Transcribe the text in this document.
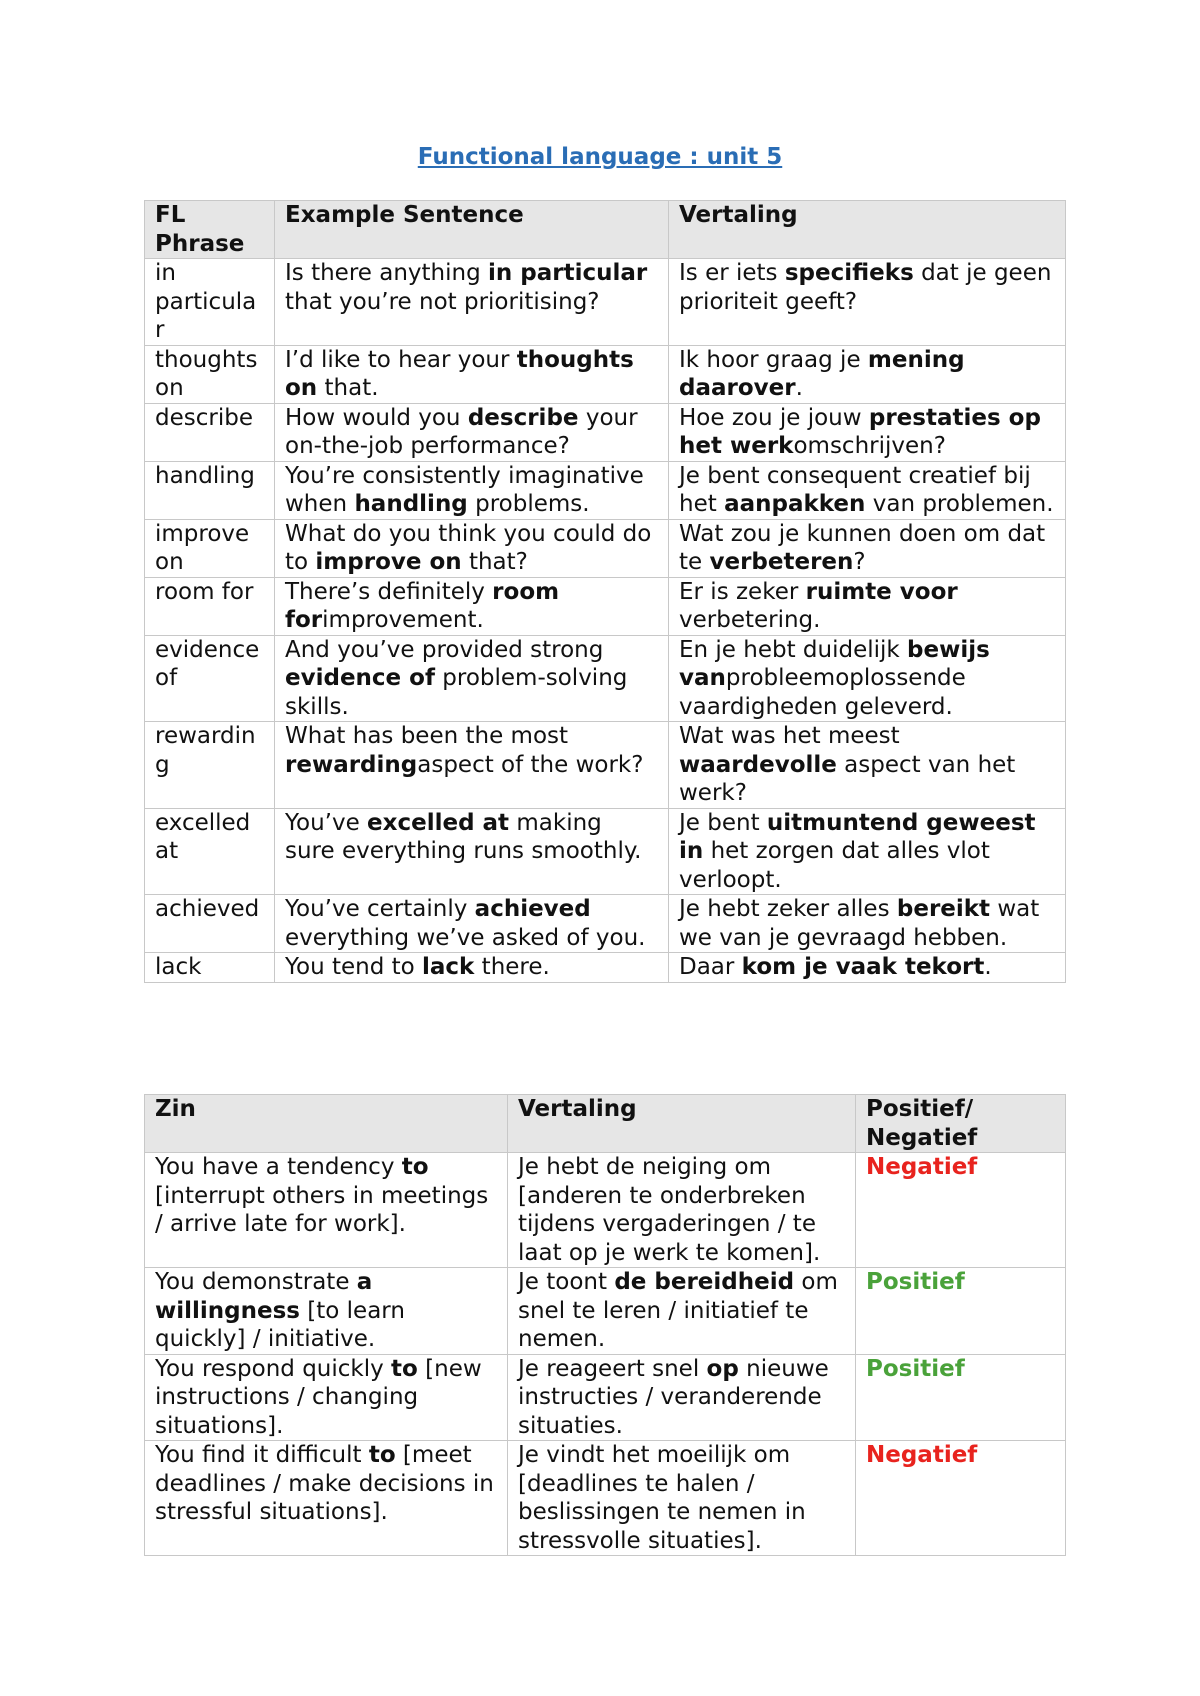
Functional language : unit 5
FL Phrase	Example Sentence	Vertaling
in particular	Is there anything in particular that you’re not prioritising?	Is er iets specifieks dat je geen prioriteit geeft?
thoughts on	I’d like to hear your thoughts on that.	Ik hoor graag je mening daarover.
describe	How would you describe your on-the-job performance?	Hoe zou je jouw prestaties op het werkomschrijven?
handling	You’re consistently imaginative when handling problems.	Je bent consequent creatief bij het aanpakken van problemen.
improve on	What do you think you could do to improve on that?	Wat zou je kunnen doen om dat te verbeteren?
room for	There’s definitely room forimprovement.	Er is zeker ruimte voor verbetering.
evidence of	And you’ve provided strong evidence of problem-solving skills.	En je hebt duidelijk bewijs vanprobleemoplossende vaardigheden geleverd.
rewarding	What has been the most rewardingaspect of the work?	Wat was het meest waardevolle aspect van het werk?
excelled at	You’ve excelled at making sure everything runs smoothly.	Je bent uitmuntend geweest in het zorgen dat alles vlot verloopt.
achieved	You’ve certainly achieved everything we’ve asked of you.	Je hebt zeker alles bereikt wat we van je gevraagd hebben.
lack	You tend to lack there.	Daar kom je vaak tekort.
Zin	Vertaling	Positief/ Negatief
You have a tendency to [interrupt others in meetings / arrive late for work].	Je hebt de neiging om [anderen te onderbreken tijdens vergaderingen / te laat op je werk te komen].	Negatief
You demonstrate a willingness [to learn quickly] / initiative.	Je toont de bereidheid om snel te leren / initiatief te nemen.	Positief
You respond quickly to [new instructions / changing situations].	Je reageert snel op nieuwe instructies / veranderende situaties.	Positief
You find it difficult to [meet deadlines / make decisions in stressful situations].	Je vindt het moeilijk om [deadlines te halen / beslissingen te nemen in stressvolle situaties].	Negatief
